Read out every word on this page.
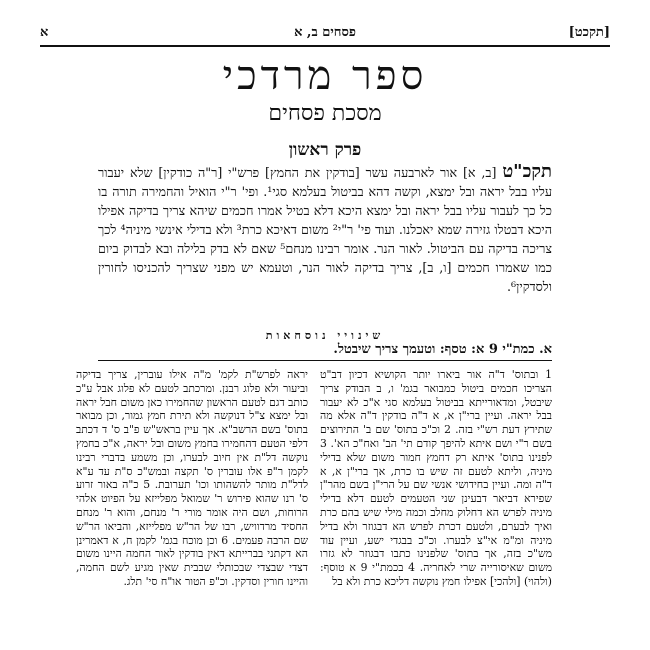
[תקכט]
פסחים ב, א
א
ספר מרדכי
מסכת פסחים
פרק ראשון
תקכ"ט [ב, א] אור לארבעה עשר [בודקין את החמץ] פרש"י [ר"ה כודקין] שלא יעבור עליו בבל יראה ובל ימצא, וקשה דהא בביטול בעלמא סגי¹. ופי' ר"י הואיל והחמירה תורה בו כל כך לעבור עליו בבל יראה ובל ימצא היכא דלא בטיל אמרו חכמים שיהא צריך בדיקה אפילו היכא דבטלו גזירה שמא יאכלנו. ועוד פי' ר"י² משום דאיכא כרת³ ולא בדילי אינשי מיניה⁴ לכך צריכה בדיקה עם הביטול. לאור הנר. אומר רבינו מנחם⁵ שאם לא בדק בלילה ובא לבדוק ביום כמו שאמרו חכמים [ו, ב], צריך בדיקה לאור הנר, וטעמא יש מפני שצריך להכניסו לחורין ולסדקין⁶.
שינויי נוסחאות
א. כמת"י 9 א: טסף: וטעמך צריך שיבטל.
1 ובתוס' ד"ה אור ביארו יותר הקושיא דכיון דב"ט הצריכו חכמים ביטול כמבואר בגמ' ו, ב הבודק צריך שיבטל, ומדאורייתא בביטול בעלמא סגי א"כ לא יעבור בבל יראה. ועיין ברי"ן א, א ד"ה בודקין ד"ה אלא מה שתירץ דעת רש"י בזה. 2 וכ"כ בתוס' שם ב' התירוצים בשם ר"י ושם איתא להיפך קודם תי' הב' ואח"כ הא'. 3 לפנינו בתוס' איתא רק דחמץ חמור משום שלא בדילי מיניה, וליתא לטעם זה שיש בו כרת, אך ברי"ן א, א ד"ה ומה. ועיין בחידושי אנשי שם על הרי"ן בשם מהר"ן שפירא דביאר דבעינן שני הטעמים לטעם דלא בדילי מיניה לפרש הא דחלוק מחלב וכמה מילי שיש בהם כרת ואיך לבערם, ולטעם דכרת לפרש הא דבגוזר ולא בדיל מיניה ומ"מ אי"צ לבערו. וכ"כ בבגדי ישע, ועיין עוד מש"כ בזה, אך בתוס' שלפנינו כתבו דבגוזר לא גזרו משום שאיסורייה שרי לאחריה. 4 בכמת"י 9 א טוסף: (ולהוי) [ולהכי] אפילו חמץ נוקשה דליכא כרת ולא בל
יראה לפרש"ת לקמ' מ"ה אילו עוברין, צריך בדיקה וביעור ולא פלוג רבנן. ומרכתב לטעם לא פלוג אבל ע"כ כותב דגם לטעם הראשון שהחמירו כאן משום חבל יראה ובל ימצא צ"ל דנוקשה ולא תירת חמץ גמור, וכן מבואר בתוס' בשם הרשב"א. אך עיין בראש"ש פ"ב ס' ד דכתב דלפי הטעם דהחמירו בחמץ משום ובל יראה, א"כ בחמץ נוקשה דל"ת אין חיוב לבערו, וכן משמע בדברי רבינו לקמן ר"פ אלו עוברין ס' תקצה ובמש"כ ס"ת עד ע"א לדל"ת מותר להשהותו וכו' תערובת. 5 כ"ה באור זרוע ס' רנו שהוא פירוש ר' שמואל מפלייזא על הפיוט אלהי הרוחות, ושם היה אומר מורי ר' מנחם, והוא ר' מנחם החסיד מרדוויש, רבו של הר"ש מפלייזא, והביאו הר"ש שם הרבה פעמים. 6 וכן מוכח בגמ' לקמן ח, א דאמרינן הא דקתני בברייתא דאין בודקין לאור החמה היינו משום דצדי שבצדי שבכותלי שבבית שאין מגיע לשם החמה, והיינו חורין וסדקין. וכ"פ הטור או"ח סי' תלג.
